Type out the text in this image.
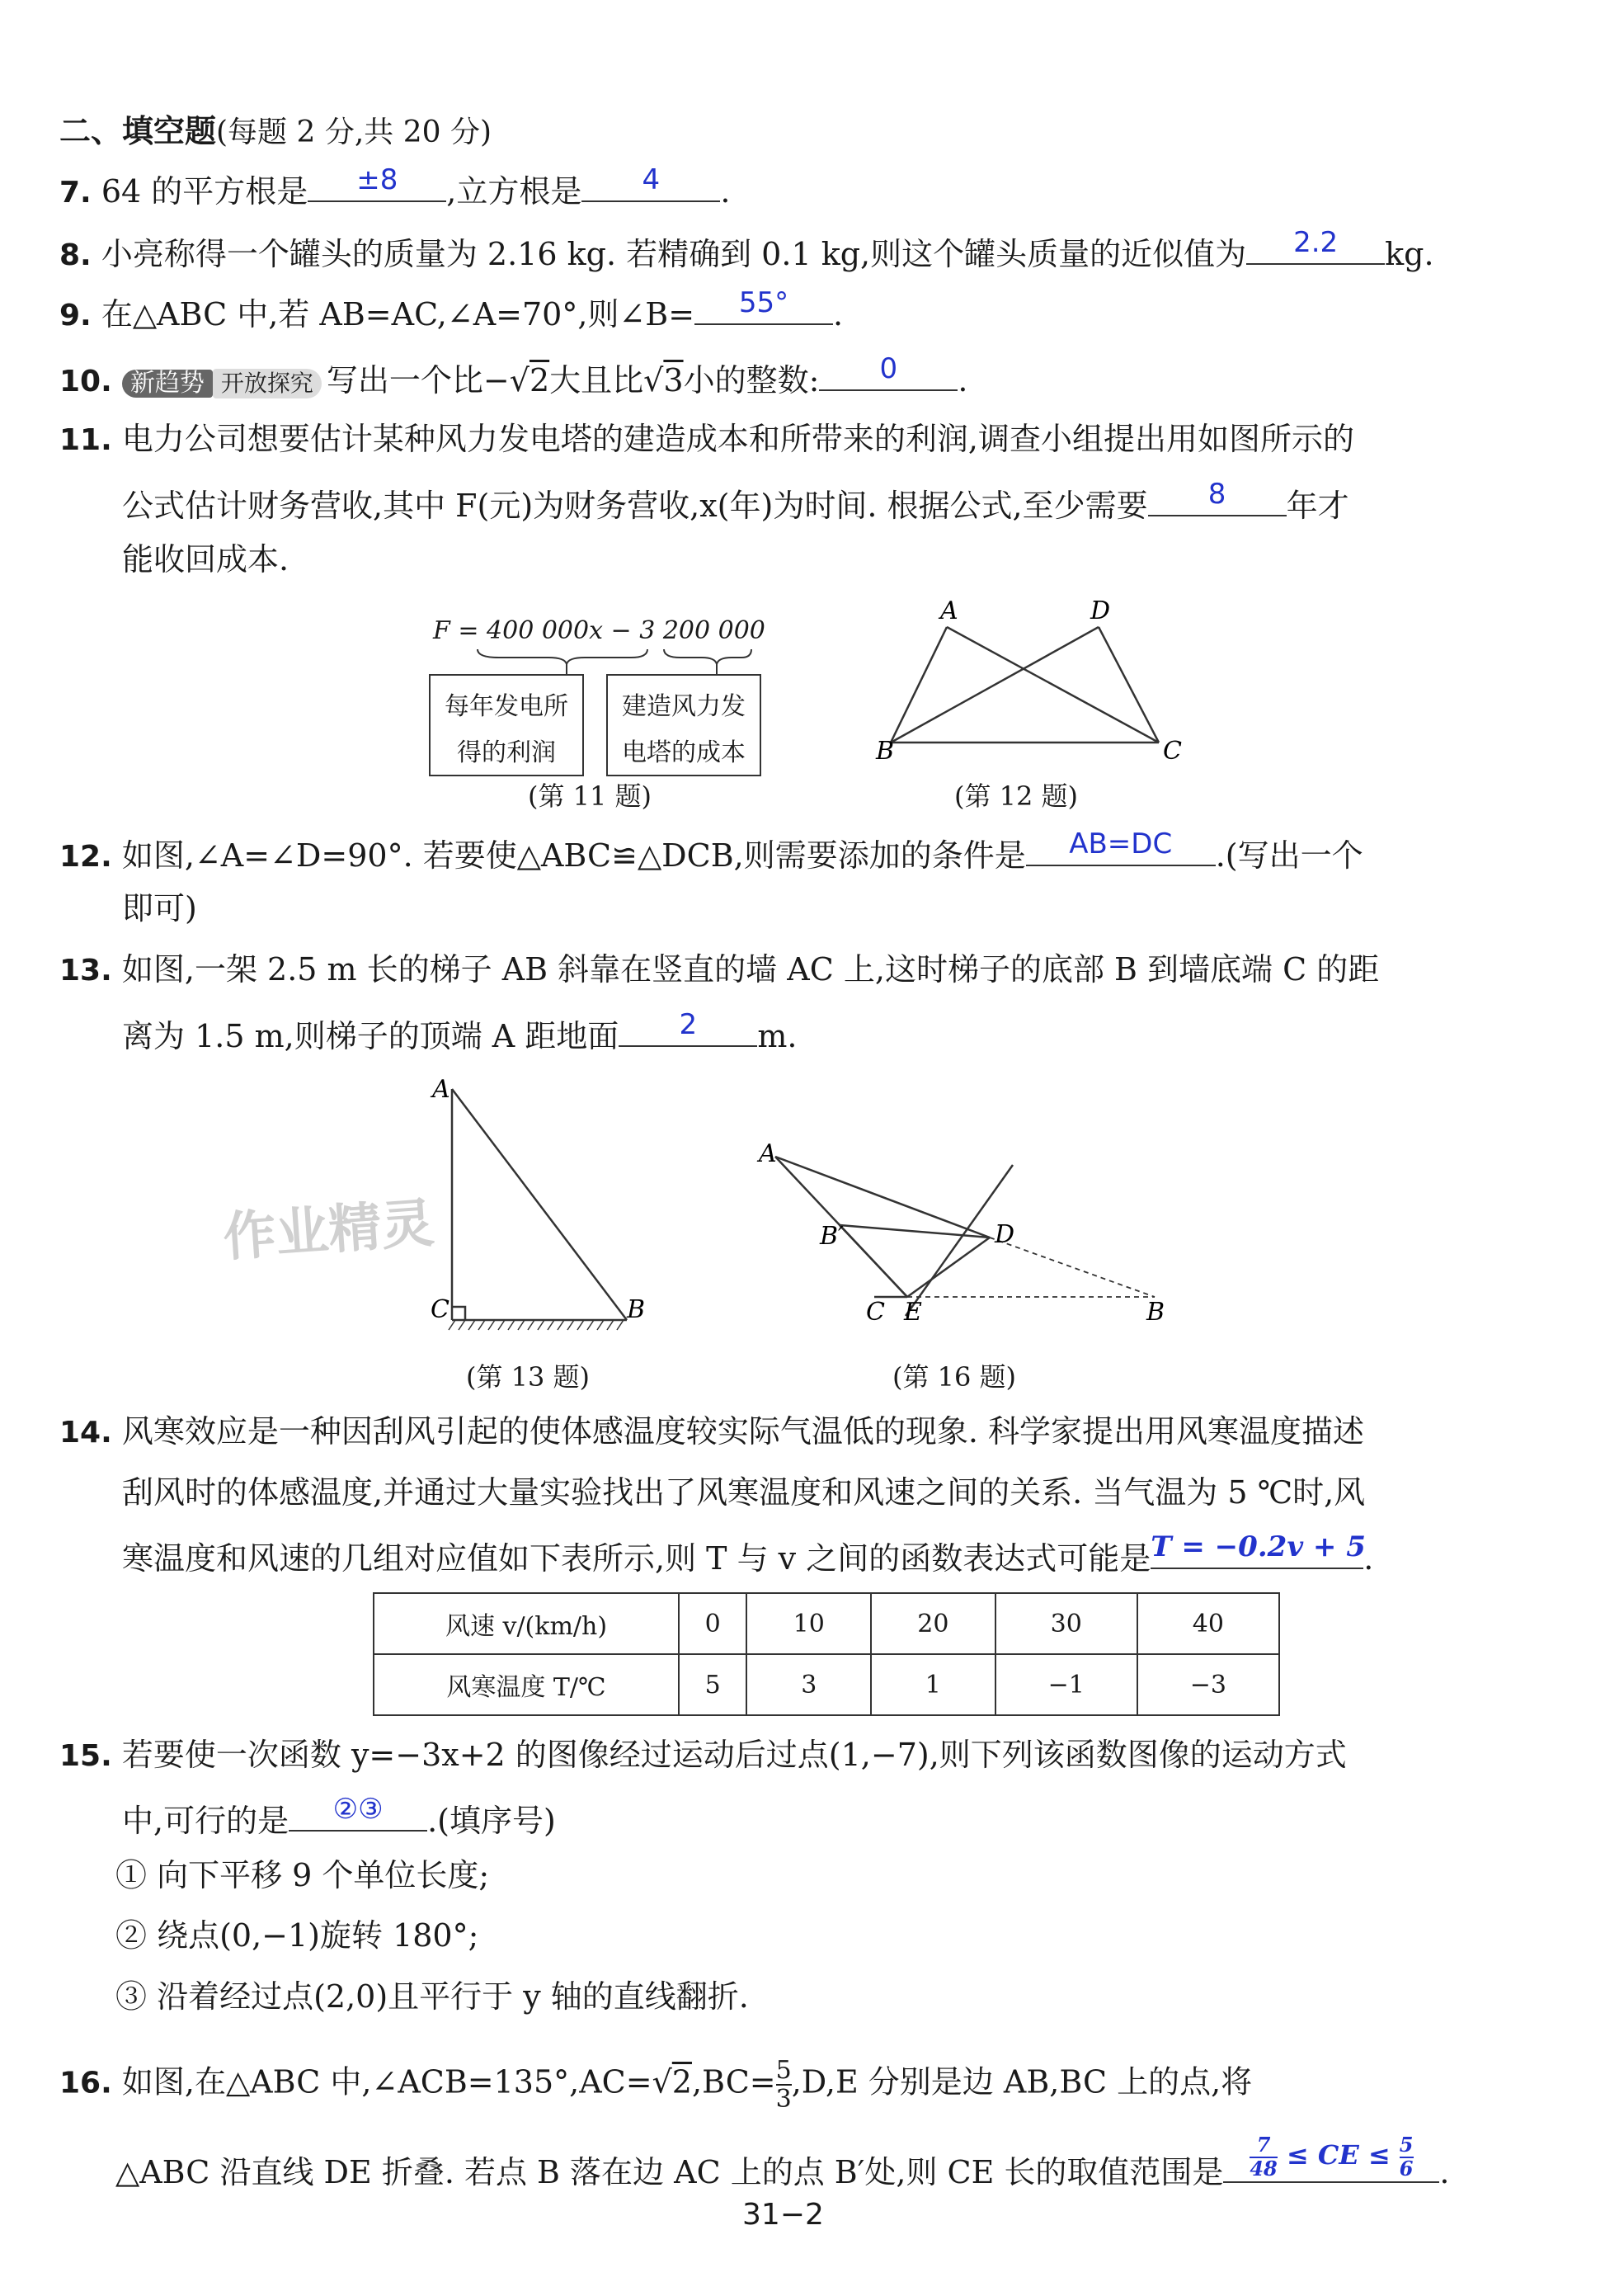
二、填空题(每题 2 分,共 20 分)
7. 64 的平方根是	±8	,立方根是	4	.
8. 小亮称得一个罐头的质量为 2.16 kg. 若精确到 0.1 kg,则这个罐头质量的近似值为	2.2	kg.
9. 在△ABC 中,若 AB=AC,∠A=70°,则∠B=	55°	.
10. 新趋势 开放探究 写出一个比−√2大且比√3小的整数:	0	.
11. 电力公司想要估计某种风力发电塔的建造成本和所带来的利润,调查小组提出用如图所示的
公式估计财务营收,其中 F(元)为财务营收,x(年)为时间. 根据公式,至少需要	8	年才
能收回成本.
F = 400 000x − 3 200 000
每年发电所
得的利润
建造风力发
电塔的成本
(第 11 题)
A	D
B	C
(第 12 题)
12. 如图,∠A=∠D=90°. 若要使△ABC≌△DCB,则需要添加的条件是	AB=DC	.(写出一个
即可)
13. 如图,一架 2.5 m 长的梯子 AB 斜靠在竖直的墙 AC 上,这时梯子的底部 B 到墙底端 C 的距
离为 1.5 m,则梯子的顶端 A 距地面	2	m.
作业精灵
A
C	B
(第 13 题)
A
B′	D
C E	B
(第 16 题)
14. 风寒效应是一种因刮风引起的使体感温度较实际气温低的现象. 科学家提出用风寒温度描述
刮风时的体感温度,并通过大量实验找出了风寒温度和风速之间的关系. 当气温为 5 ℃时,风
寒温度和风速的几组对应值如下表所示,则 T 与 v 之间的函数表达式可能是 T = −0.2v + 5
.
风速 v/(km/h)	0	10	20	30	40
风寒温度 T/℃	5	3	1	−1	−3
15. 若要使一次函数 y=−3x+2 的图像经过运动后过点(1,−7),则下列该函数图像的运动方式
中,可行的是	②③	.(填序号)
① 向下平移 9 个单位长度;
② 绕点(0,−1)旋转 180°;
③ 沿着经过点(2,0)且平行于 y 轴的直线翻折.
16. 如图,在△ABC 中,∠ACB=135°,AC=√2,BC= $\frac{5}{3} ,D,E$ 分别是边 AB,BC 上的点,将
△ABC 沿直线 DE 折叠. 若点 B 落在边 AC 上的点 B′处,则 CE 长的取值范围是 $\frac{7}{48}$ ≤ CE ≤ $\frac{5}{6}$ .
31−2
